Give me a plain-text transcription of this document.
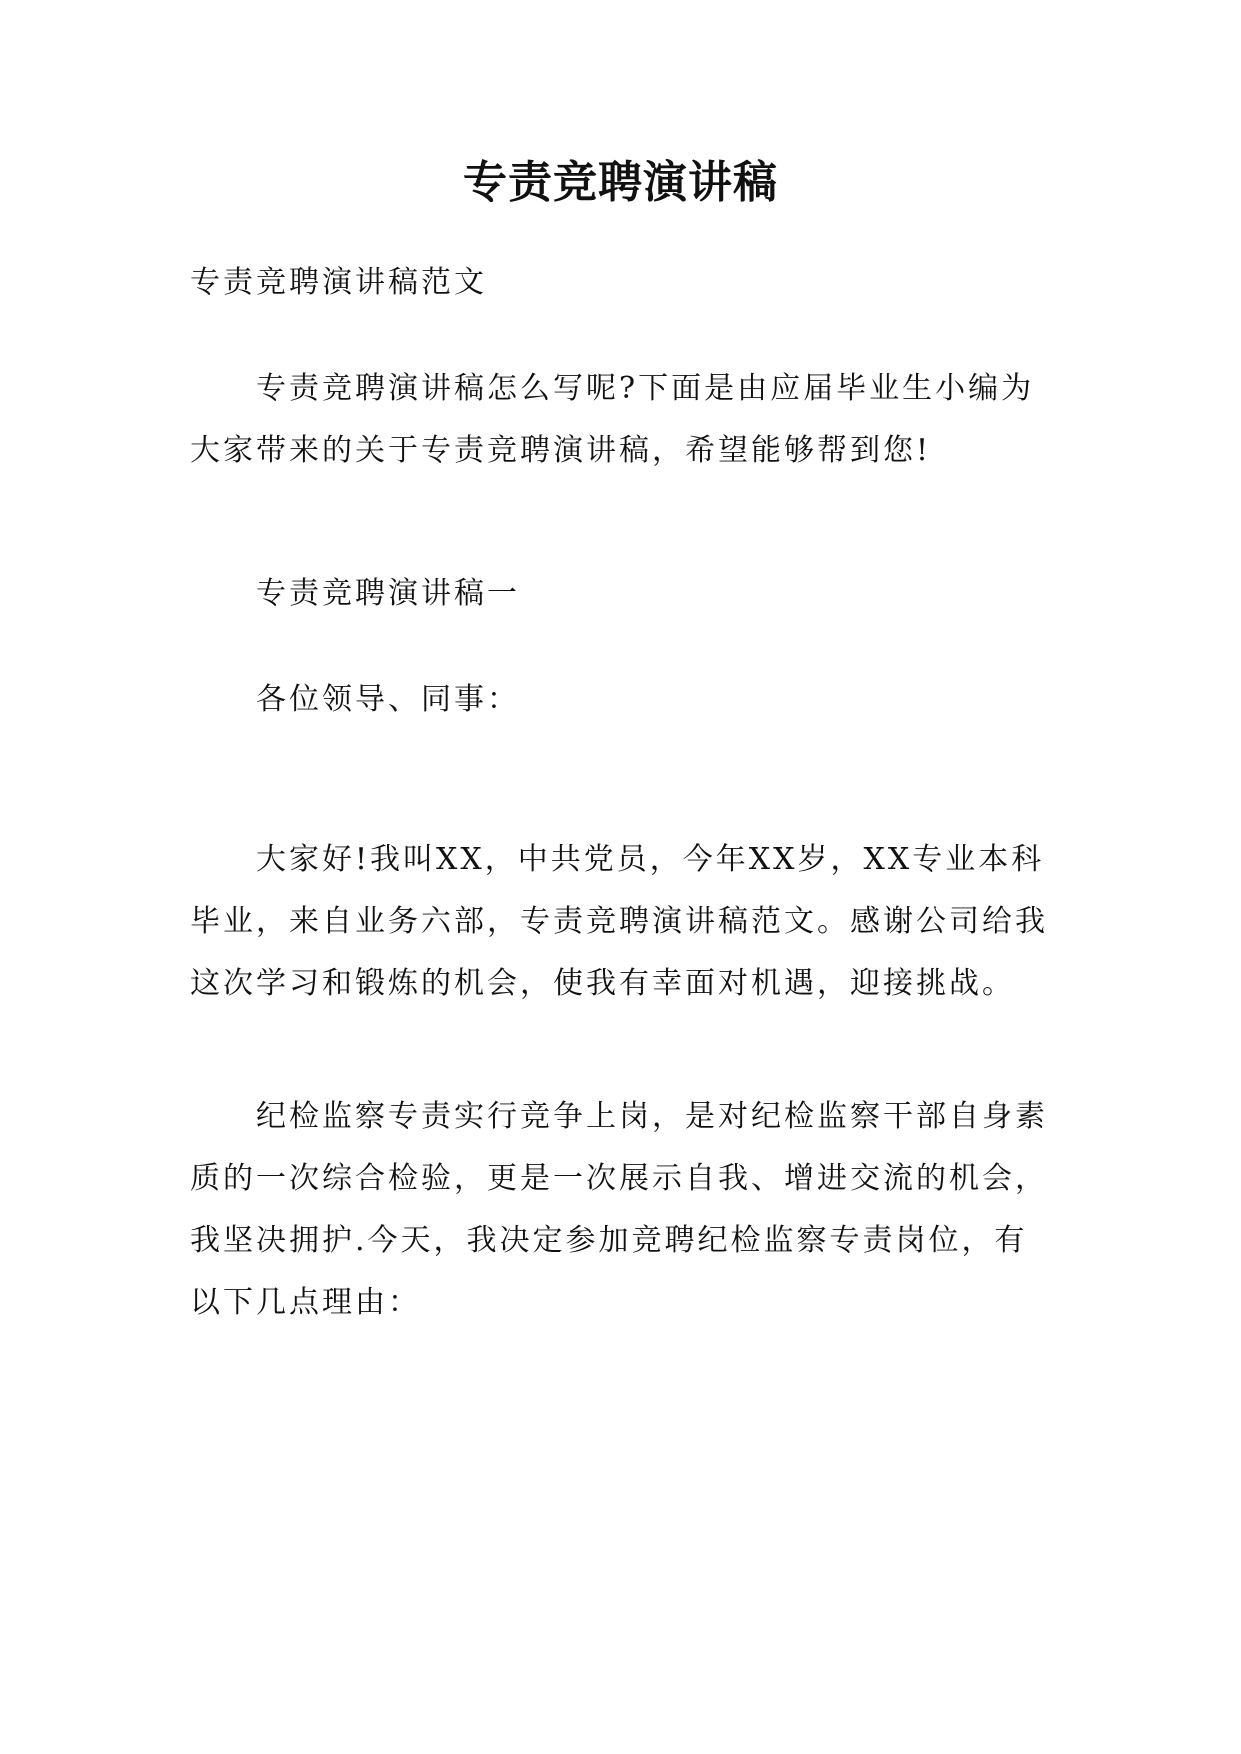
专责竞聘演讲稿

专责竞聘演讲稿范文

专责竞聘演讲稿怎么写呢?下面是由应届毕业生小编为
大家带来的关于专责竞聘演讲稿，希望能够帮到您!

专责竞聘演讲稿一

各位领导、同事：

大家好!我叫XX，中共党员，今年XX岁，XX专业本科
毕业，来自业务六部，专责竞聘演讲稿范文。感谢公司给我
这次学习和锻炼的机会，使我有幸面对机遇，迎接挑战。

纪检监察专责实行竞争上岗，是对纪检监察干部自身素
质的一次综合检验，更是一次展示自我、增进交流的机会，
我坚决拥护.今天，我决定参加竞聘纪检监察专责岗位，有
以下几点理由：
